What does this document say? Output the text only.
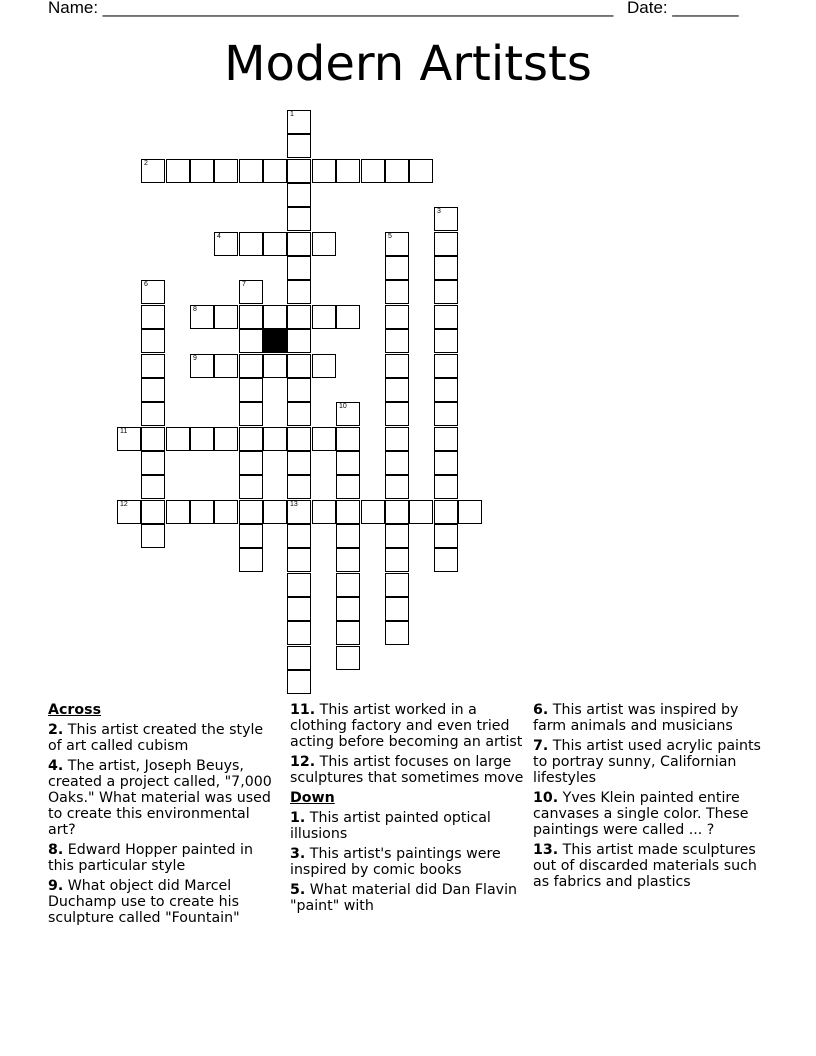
Name: ______________________________________________________ Date: _______
Modern Artitsts
1
13
2
3
4	5
6	7
8
9
10
11
12
Across
2. This artist created the style of art called cubism
4. The artist, Joseph Beuys, created a project called, "7,000 Oaks." What material was used to create this environmental art?
8. Edward Hopper painted in this particular style
9. What object did Marcel Duchamp use to create his sculpture called "Fountain"
11. This artist worked in a clothing factory and even tried acting before becoming an artist
12. This artist focuses on large sculptures that sometimes move
Down
1. This artist painted optical illusions
3. This artist's paintings were inspired by comic books
5. What material did Dan Flavin "paint" with
6. This artist was inspired by farm animals and musicians
7. This artist used acrylic paints to portray sunny, Californian lifestyles
10. Yves Klein painted entire canvases a single color. These paintings were called ... ?
13. This artist made sculptures out of discarded materials such as fabrics and plastics
